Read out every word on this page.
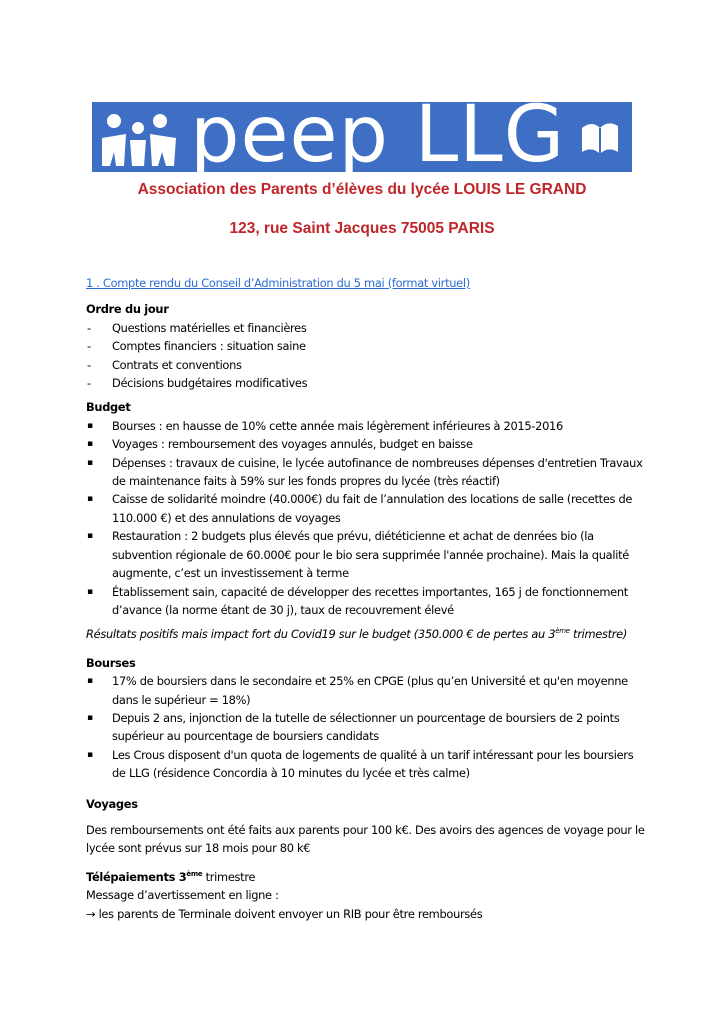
peep LLG
Association des Parents d’élèves du lycée LOUIS LE GRAND
123, rue Saint Jacques 75005 PARIS
1 . Compte rendu du Conseil d’Administration du 5 mai (format virtuel)
Ordre du jour
- Questions matérielles et financières
- Comptes financiers : situation saine
- Contrats et conventions
- Décisions budgétaires modificatives
Budget
▪ Bourses : en hausse de 10% cette année mais légèrement inférieures à 2015-2016
▪ Voyages : remboursement des voyages annulés, budget en baisse
▪ Dépenses : travaux de cuisine, le lycée autofinance de nombreuses dépenses d'entretien Travaux de maintenance faits à 59% sur les fonds propres du lycée (très réactif)
▪ Caisse de solidarité moindre (40.000€) du fait de l’annulation des locations de salle (recettes de 110.000 €) et des annulations de voyages
▪ Restauration : 2 budgets plus élevés que prévu, diététicienne et achat de denrées bio (la subvention régionale de 60.000€ pour le bio sera supprimée l'année prochaine). Mais la qualité augmente, c’est un investissement à terme
▪ Établissement sain, capacité de développer des recettes importantes, 165 j de fonctionnement d’avance (la norme étant de 30 j), taux de recouvrement élevé
Résultats positifs mais impact fort du Covid19 sur le budget (350.000 € de pertes au 3ème trimestre)
Bourses
▪ 17% de boursiers dans le secondaire et 25% en CPGE (plus qu’en Université et qu'en moyenne dans le supérieur = 18%)
▪ Depuis 2 ans, injonction de la tutelle de sélectionner un pourcentage de boursiers de 2 points supérieur au pourcentage de boursiers candidats
▪ Les Crous disposent d'un quota de logements de qualité à un tarif intéressant pour les boursiers de LLG (résidence Concordia à 10 minutes du lycée et très calme)
Voyages

Des remboursements ont été faits aux parents pour 100 k€. Des avoirs des agences de voyage pour le lycée sont prévus sur 18 mois pour 80 k€

Télépaiements 3ème trimestre
Message d’avertissement en ligne :
→ les parents de Terminale doivent envoyer un RIB pour être remboursés
